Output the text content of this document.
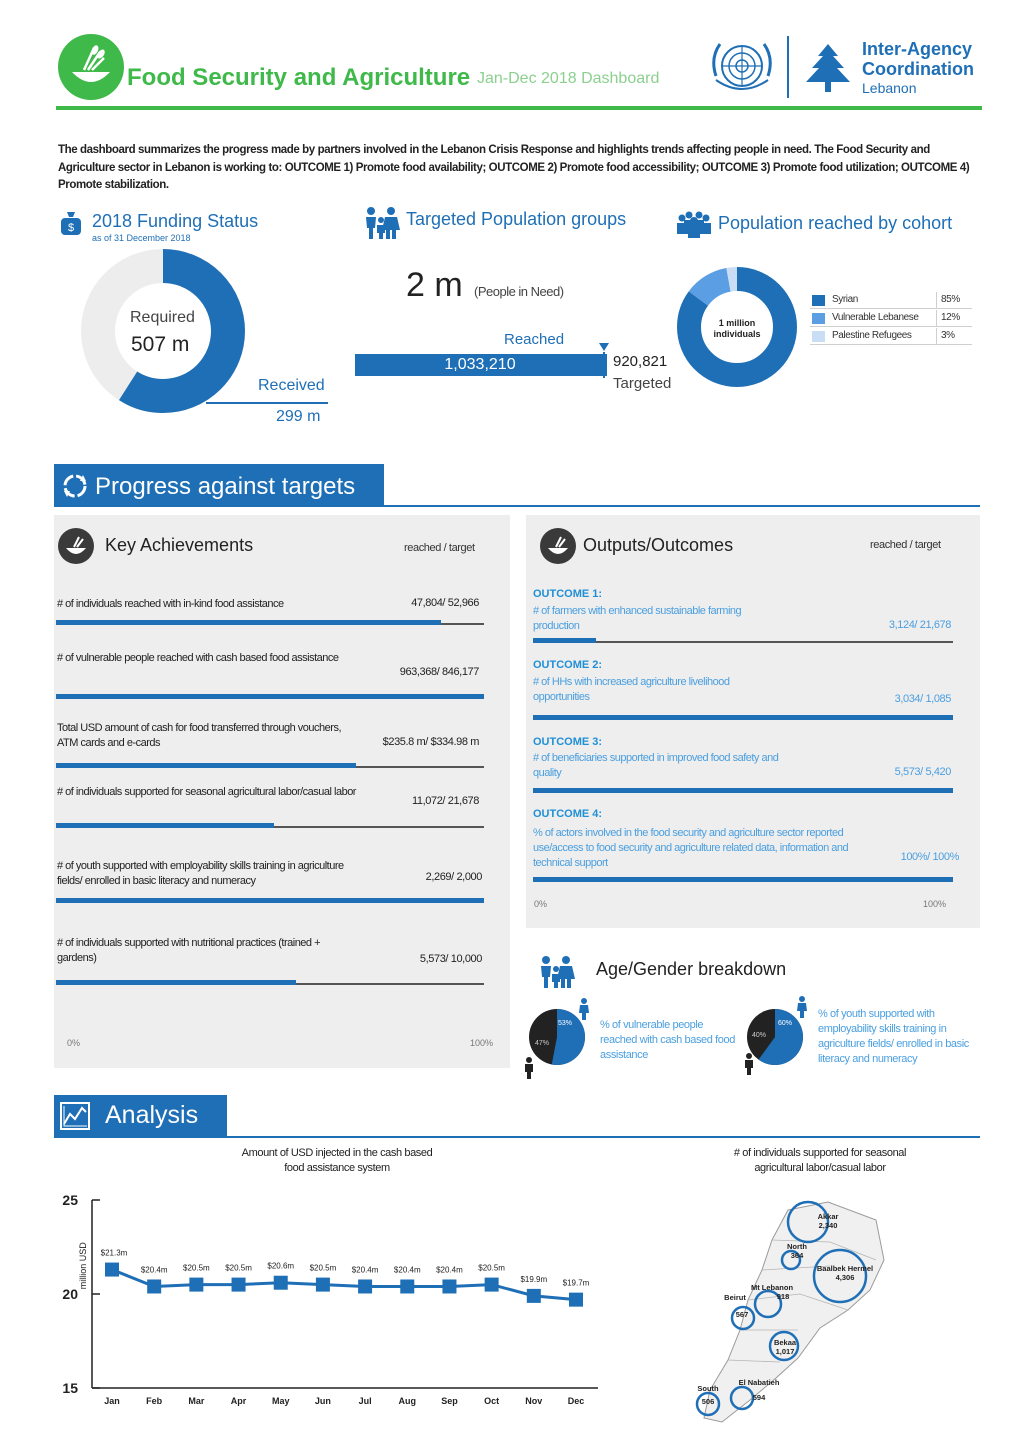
Food Security and Agriculture Jan-Dec 2018 Dashboard
Inter-Agency
Coordination
Lebanon
The dashboard summarizes the progress made by partners involved in the Lebanon Crisis Response and highlights trends affecting people in need. The Food Security and Agriculture sector in Lebanon is working to: OUTCOME 1) Promote food availability; OUTCOME 2) Promote food accessibility; OUTCOME 3) Promote food utilization; OUTCOME 4) Promote stabilization.
$ 2018 Funding Status
as of 31 December 2018
Required
507 m 59%
Received
299 m
Targeted Population groups
2 m (People in Need)
Reached
1,033,210	920,821
Targeted
Population reached by cohort
1 million
individuals
Syrian	85%
Vulnerable Lebanese 12%
Palestine Refugees	3%
Progress against targets
Key Achievements	reached / target
# of individuals reached with in-kind food assistance	47,804/ 52,966
# of vulnerable people reached with cash based food assistance
963,368/ 846,177
Total USD amount of cash for food transferred through vouchers, ATM cards and e-cards	$235.8 m/ $334.98 m
# of individuals supported for seasonal agricultural labor/casual labor
11,072/ 21,678
# of youth supported with employability skills training in agriculture fields/ enrolled in basic literacy and numeracy	2,269/ 2,000
# of individuals supported with nutritional practices (trained + gardens)	5,573/ 10,000
0%	100%
Outputs/Outcomes	reached / target
OUTCOME 1:
# of farmers with enhanced sustainable farming production	3,124/ 21,678
OUTCOME 2:
# of HHs with increased agriculture livelihood opportunities	3,034/ 1,085
OUTCOME 3:
# of beneficiaries supported in improved food safety and quality	5,573/ 5,420
OUTCOME 4:
% of actors involved in the food security and agriculture sector reported use/access to food security and agriculture related data, information and technical support	100%/ 100%
0%	100%
Age/Gender breakdown
53%
47%
% of vulnerable people reached with cash based food assistance
60%
40%
% of youth supported with employability skills training in agriculture fields/ enrolled in basic literacy and numeracy
Analysis
Amount of USD injected in the cash based
food assistance system
15
20
25
million USD $21.3m
Jan
$20.4m
Feb
$20.5m
Mar
$20.5m
Apr
$20.6m
May
$20.5m
Jun
$20.4m
Jul
$20.4m
Aug
$20.4m
Sep
$20.5m
Oct
$19.9m
Nov
$19.7m
Dec
# of individuals supported for seasonal
agricultural labor/casual labor
Akkar
2,340
North
364
Baalbek Hermel
4,306
Mt Lebanon
918
Beirut
567
Bekaa
1,017
El Nabatieh
594
South
506
